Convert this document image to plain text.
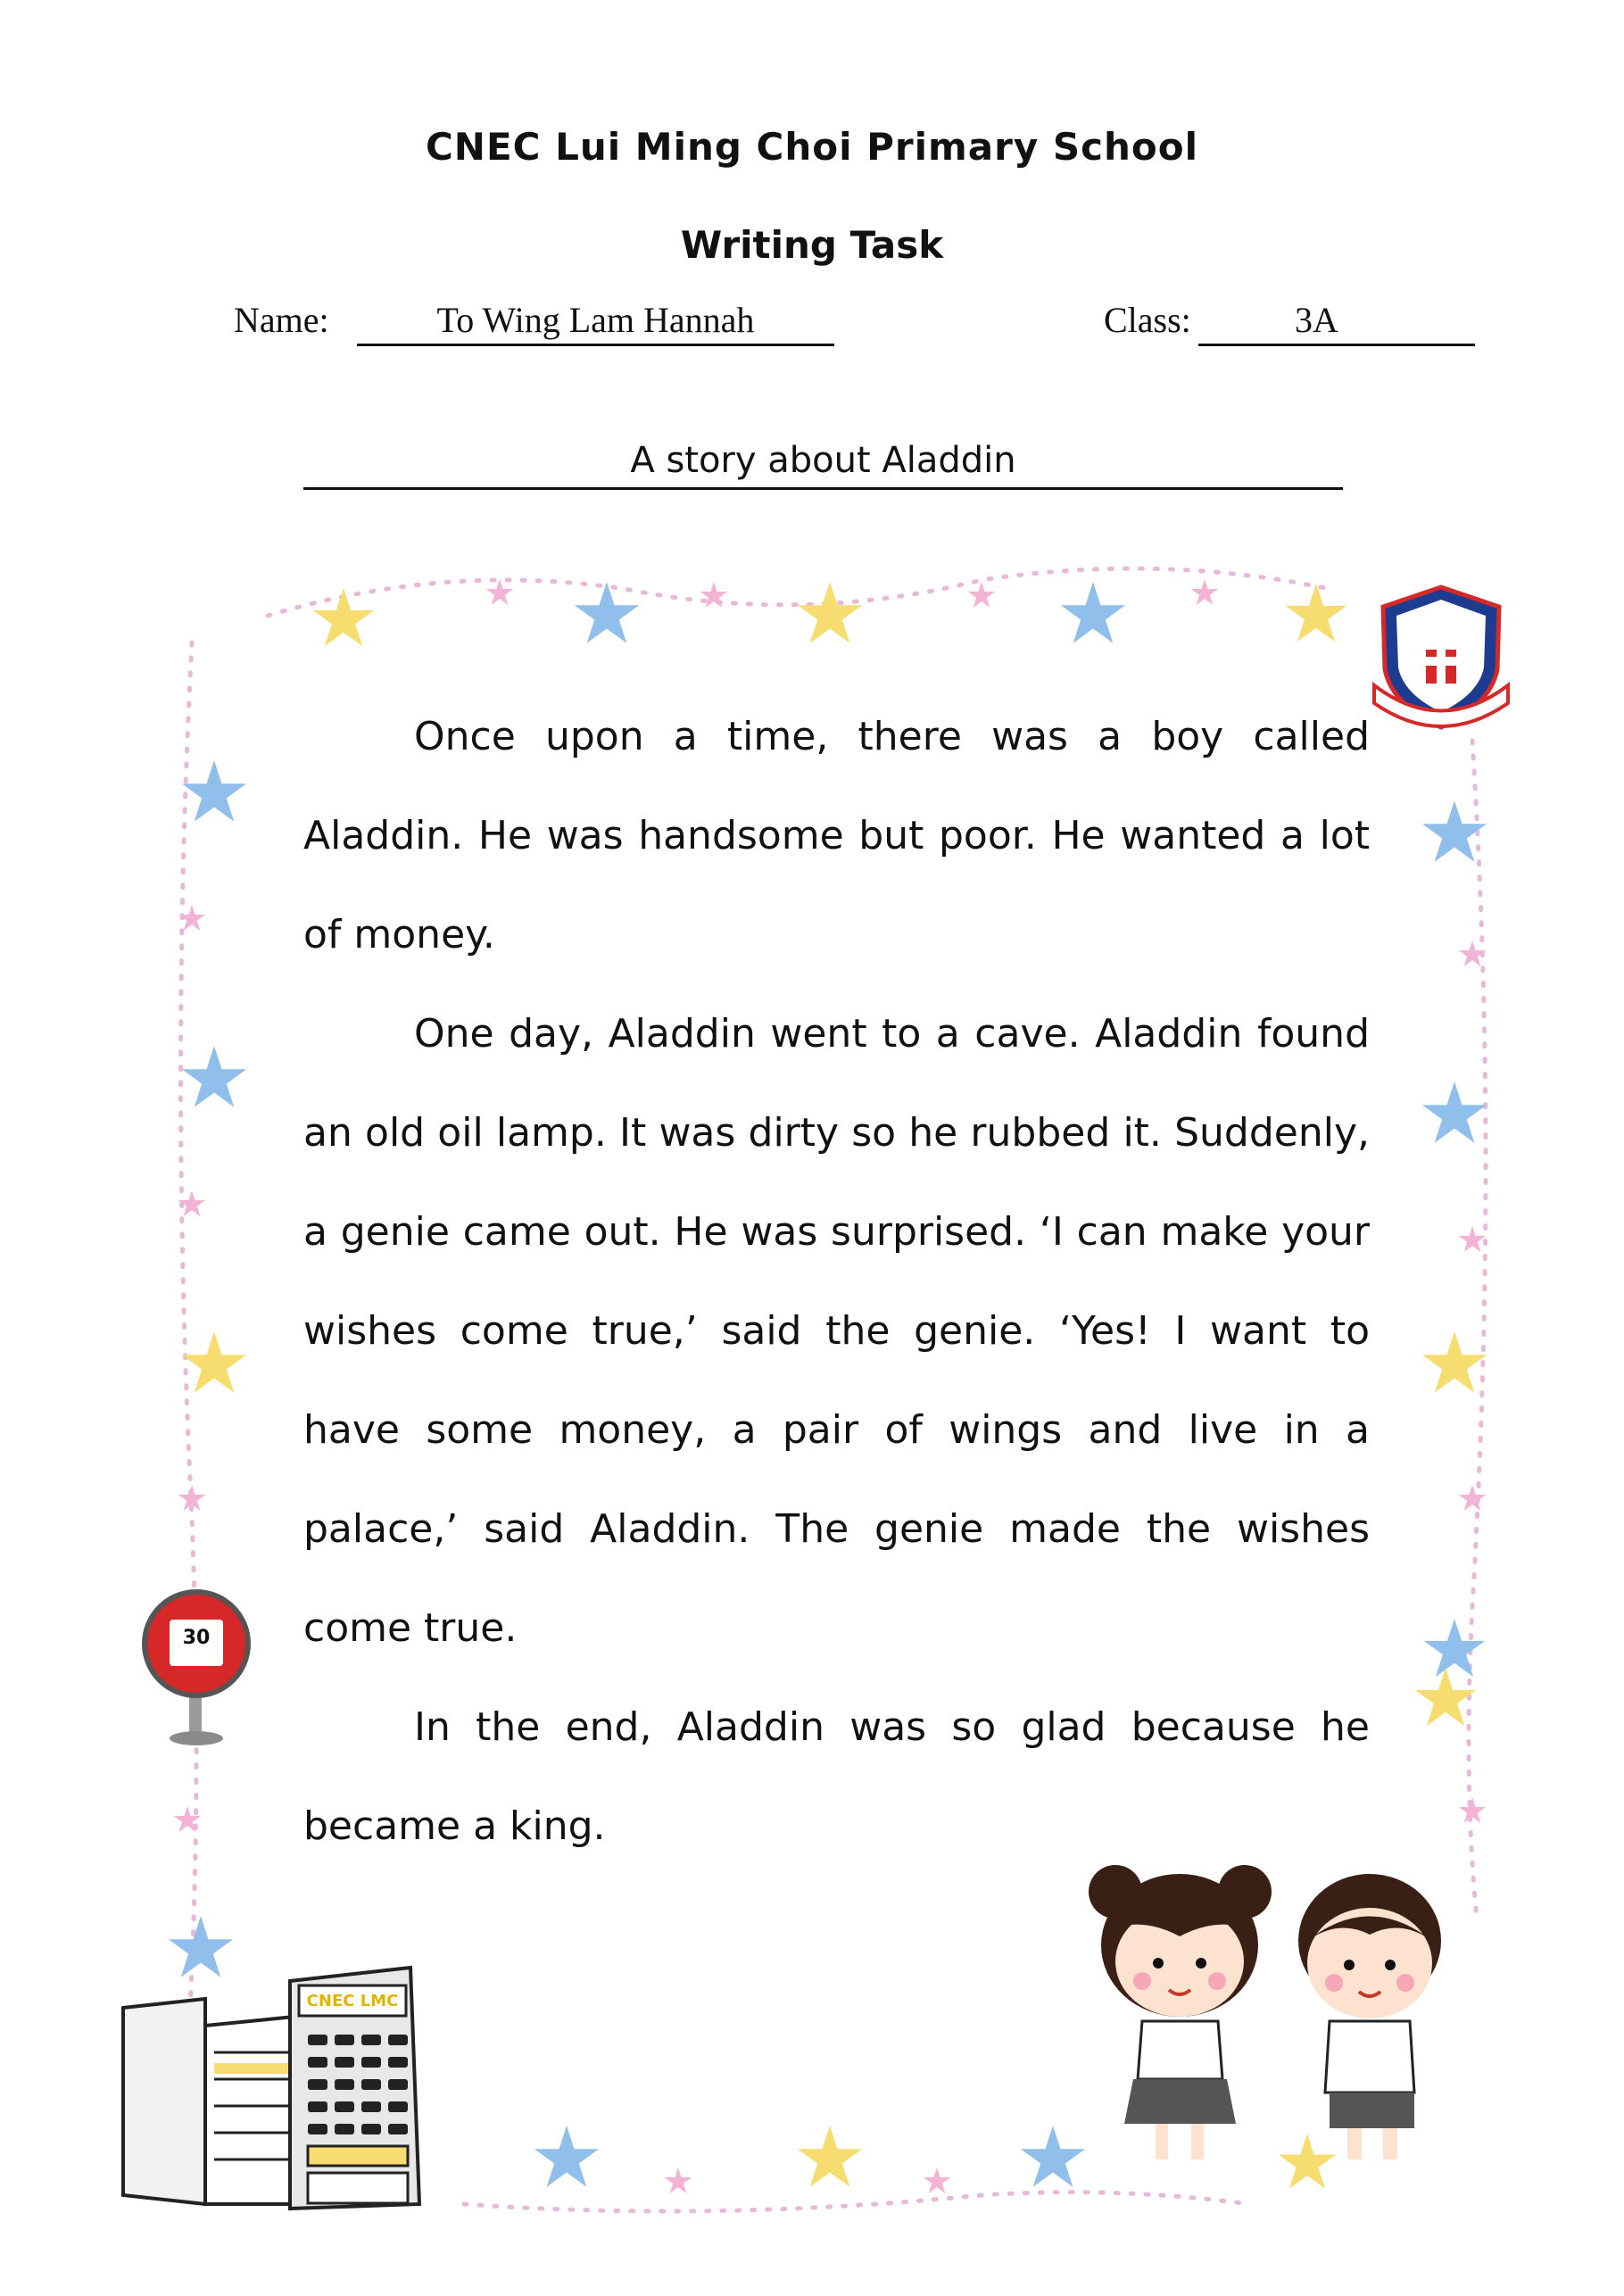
CNEC Lui Ming Choi Primary School
Writing Task
Name:	To Wing Lam Hannah	Class:	3A
A story about Aladdin

Once upon a time, there was a boy called Aladdin. He was handsome but poor. He wanted a lot of money.

One day, Aladdin went to a cave. Aladdin found an old oil lamp. It was dirty so he rubbed it. Suddenly, a genie came out. He was surprised. ‘I can make your wishes come true,’ said the genie. ‘Yes! I want to have some money, a pair of wings and live in a palace,’ said Aladdin. The genie made the wishes come true.

In the end, Aladdin was so glad because he became a king.

30
CNEC LMC
